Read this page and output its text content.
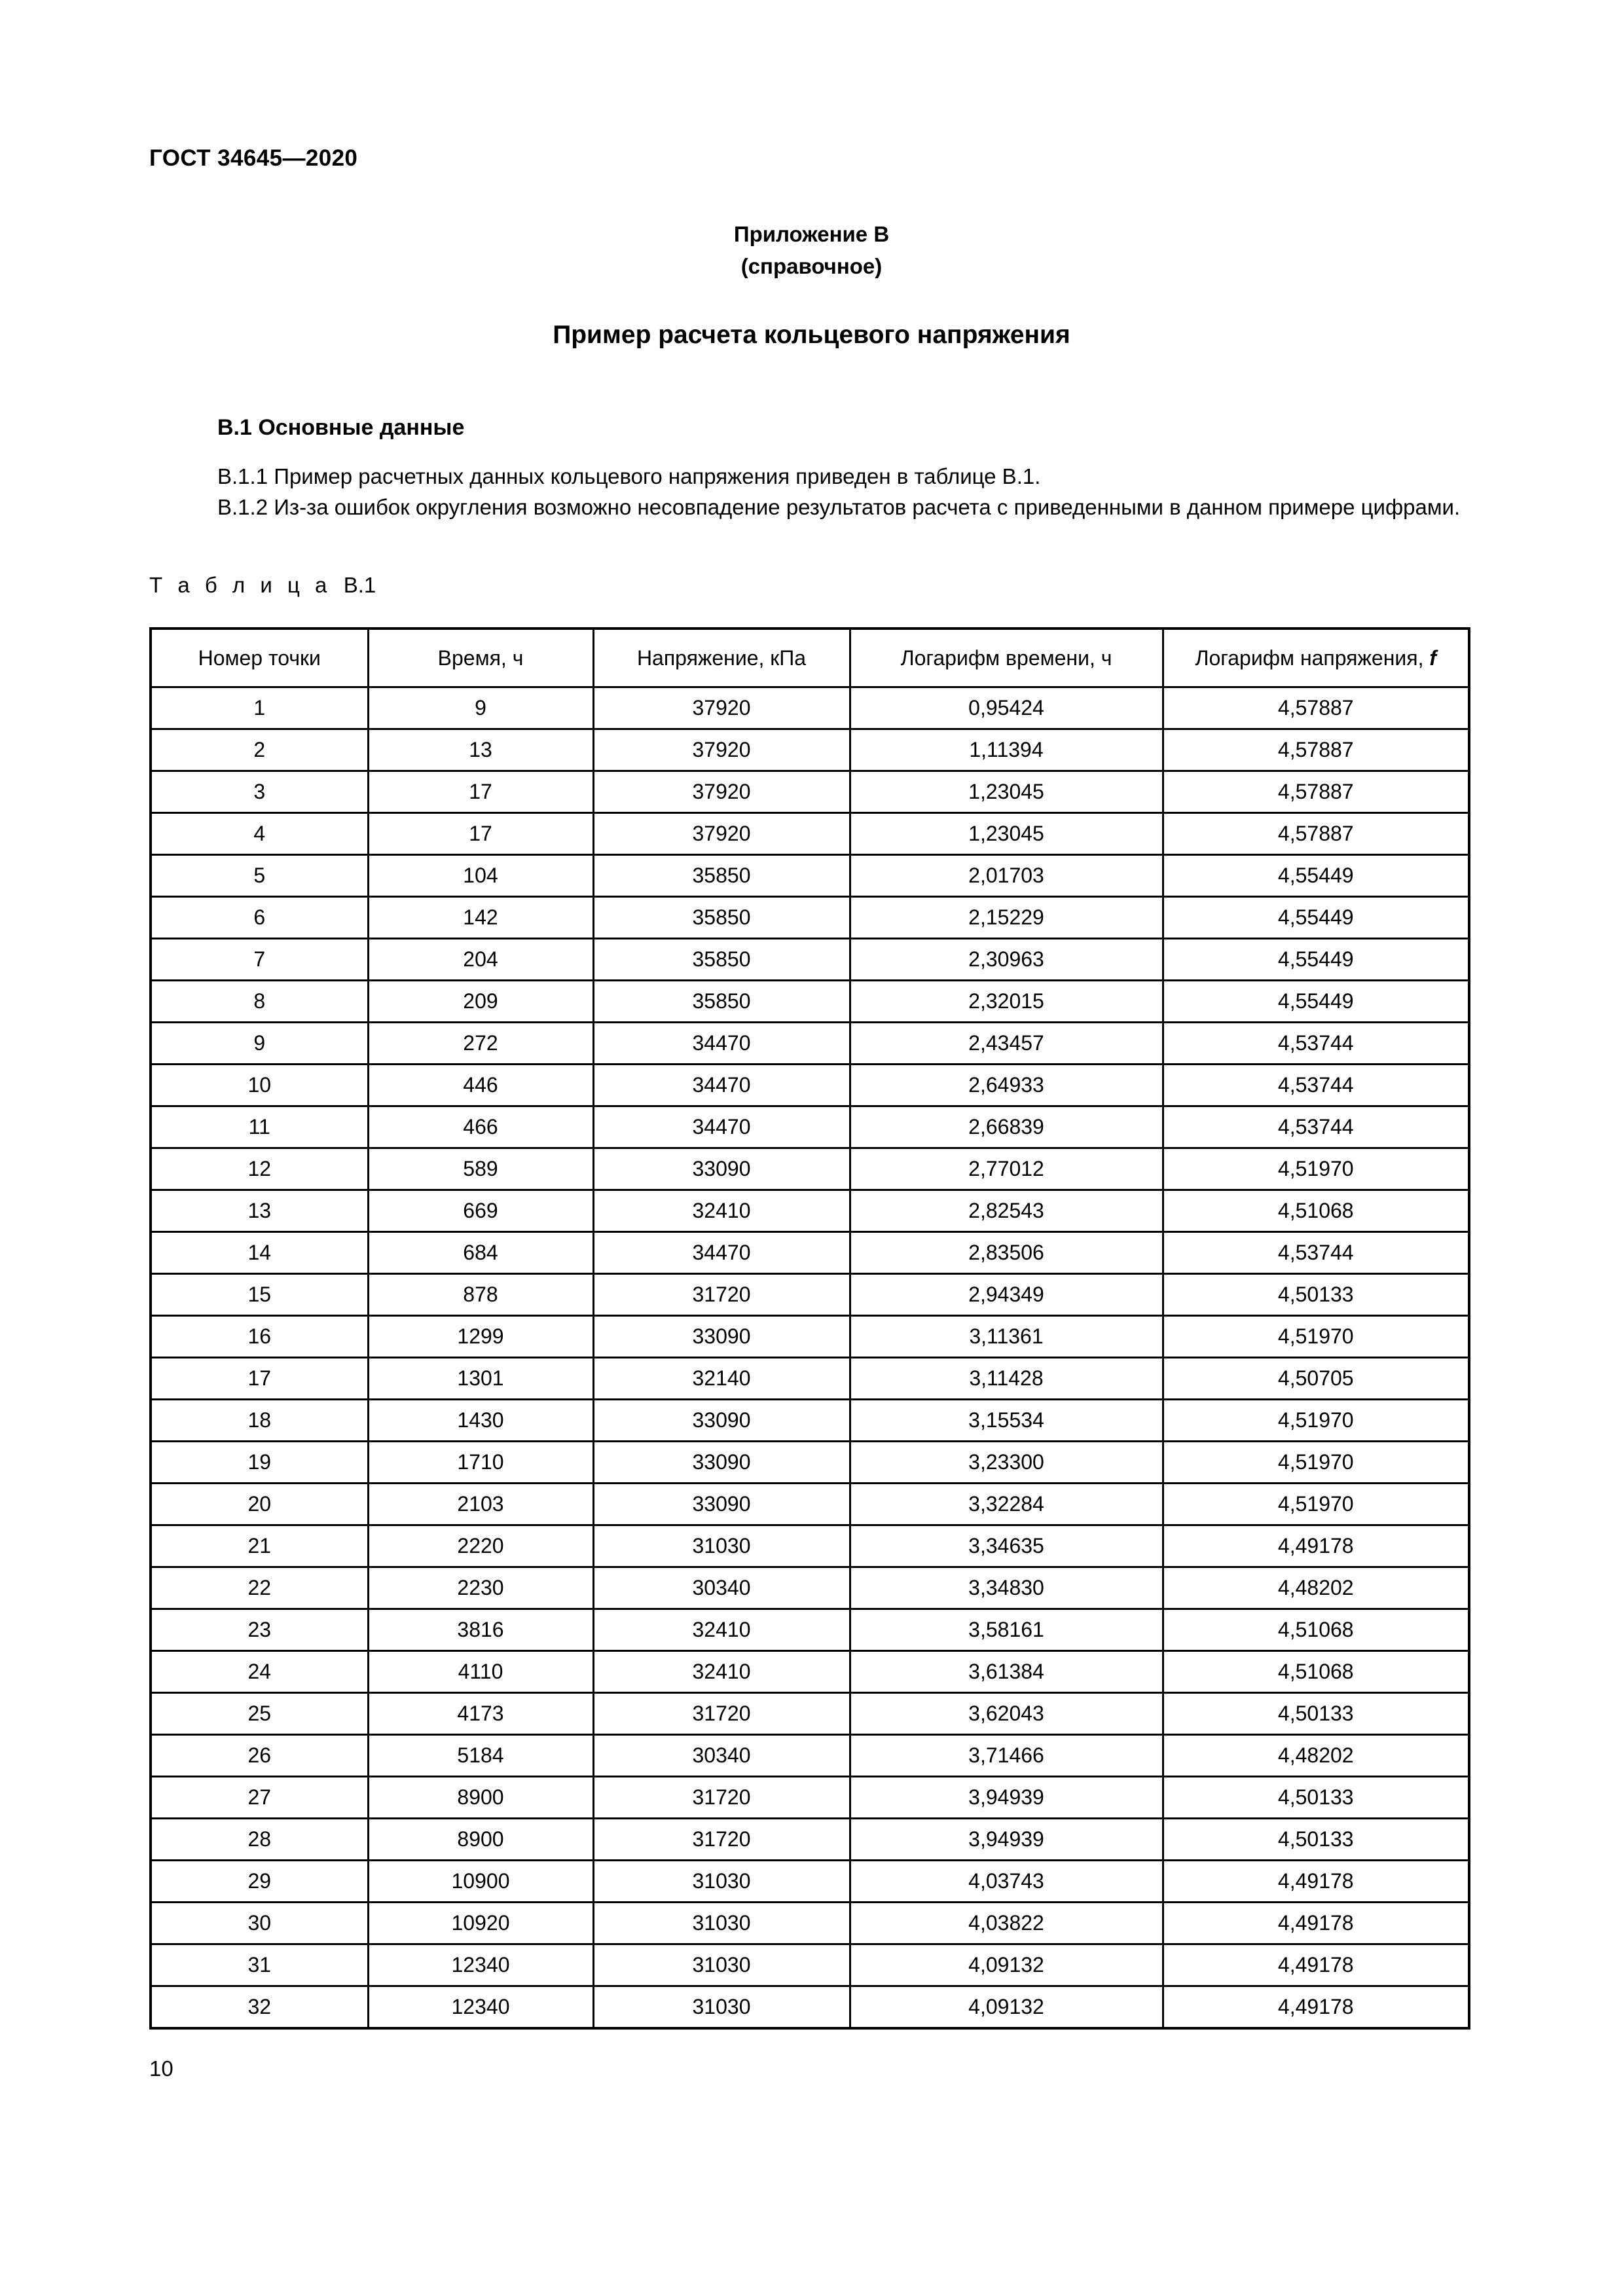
ГОСТ 34645—2020
Приложение В
(справочное)
Пример расчета кольцевого напряжения
В.1 Основные данные

В.1.1 Пример расчетных данных кольцевого напряжения приведен в таблице В.1.

В.1.2 Из-за ошибок округления возможно несовпадение результатов расчета с приведенными в данном примере цифрами.

Т а б л и ц а В.1
Номер точки	Время, ч	Напряжение, кПа	Логарифм времени, ч	Логарифм напряжения, f
1	9	37920	0,95424	4,57887
2	13	37920	1,11394	4,57887
3	17	37920	1,23045	4,57887
4	17	37920	1,23045	4,57887
5	104	35850	2,01703	4,55449
6	142	35850	2,15229	4,55449
7	204	35850	2,30963	4,55449
8	209	35850	2,32015	4,55449
9	272	34470	2,43457	4,53744
10	446	34470	2,64933	4,53744
11	466	34470	2,66839	4,53744
12	589	33090	2,77012	4,51970
13	669	32410	2,82543	4,51068
14	684	34470	2,83506	4,53744
15	878	31720	2,94349	4,50133
16	1299	33090	3,11361	4,51970
17	1301	32140	3,11428	4,50705
18	1430	33090	3,15534	4,51970
19	1710	33090	3,23300	4,51970
20	2103	33090	3,32284	4,51970
21	2220	31030	3,34635	4,49178
22	2230	30340	3,34830	4,48202
23	3816	32410	3,58161	4,51068
24	4110	32410	3,61384	4,51068
25	4173	31720	3,62043	4,50133
26	5184	30340	3,71466	4,48202
27	8900	31720	3,94939	4,50133
28	8900	31720	3,94939	4,50133
29	10900	31030	4,03743	4,49178
30	10920	31030	4,03822	4,49178
31	12340	31030	4,09132	4,49178
32	12340	31030	4,09132	4,49178
10
